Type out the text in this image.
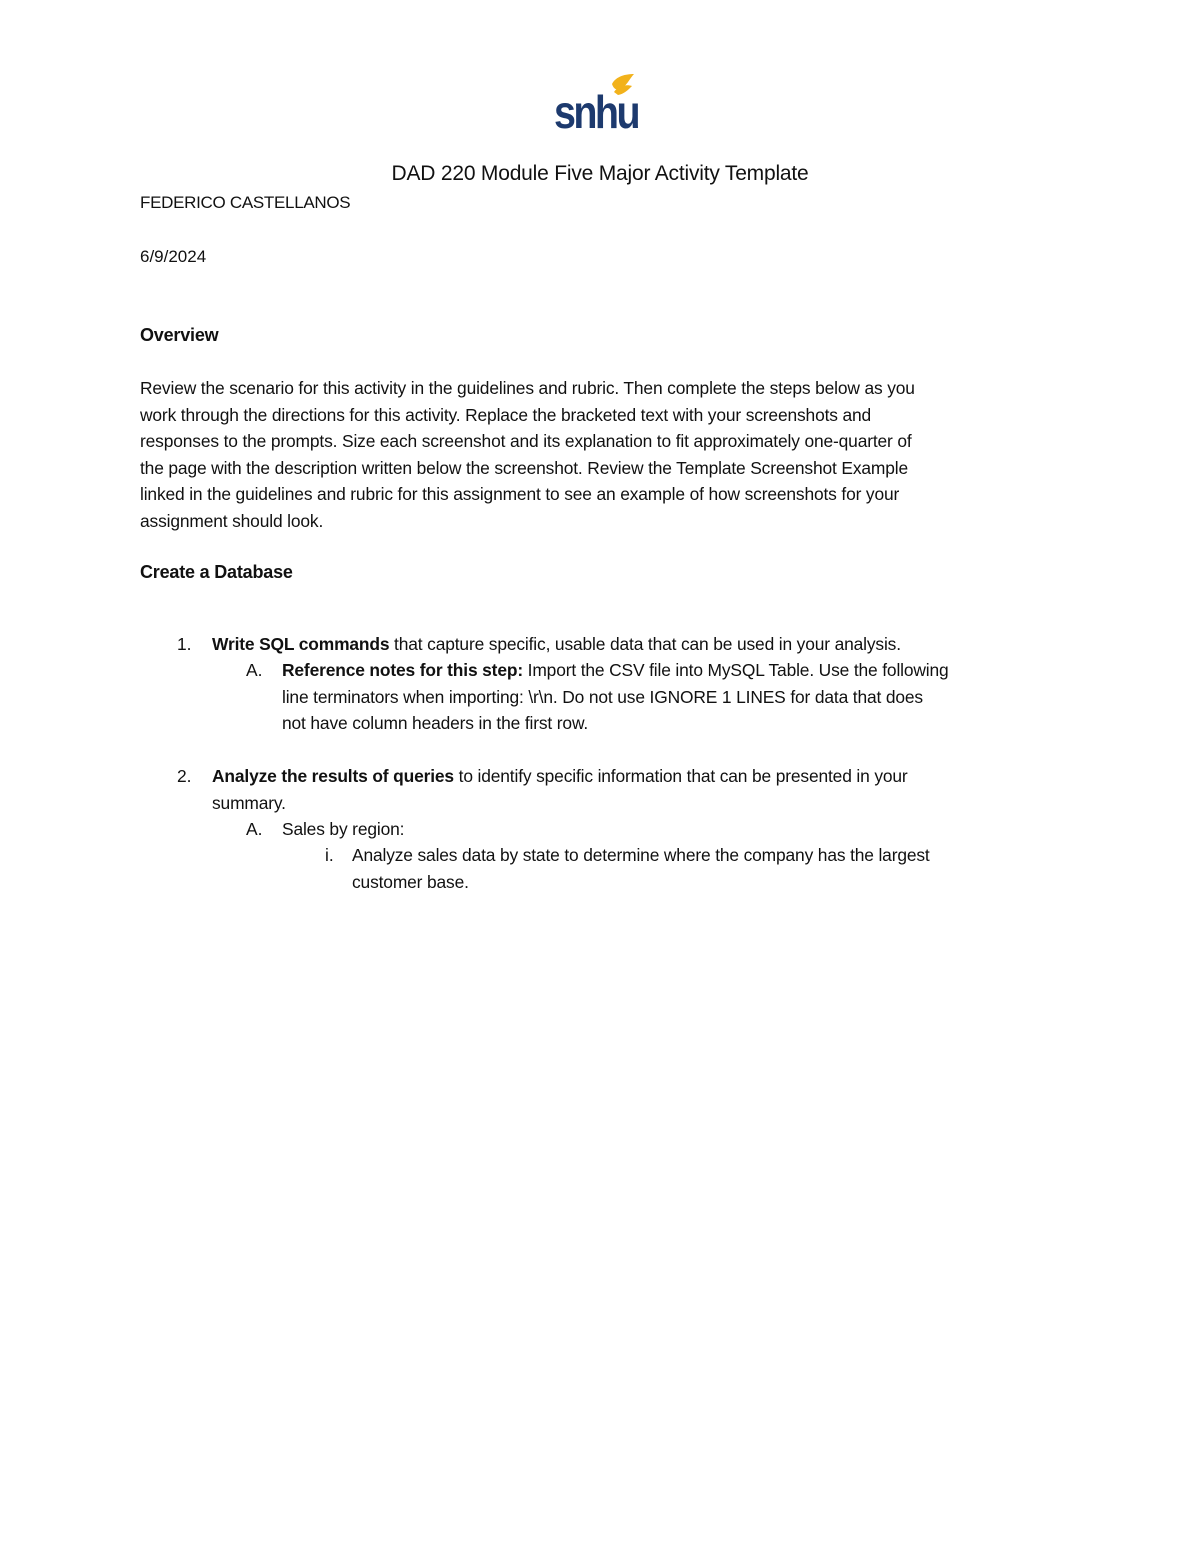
snhu
DAD 220 Module Five Major Activity Template
FEDERICO CASTELLANOS
6/9/2024
Overview

Review the scenario for this activity in the guidelines and rubric. Then complete the steps below as you

work through the directions for this activity. Replace the bracketed text with your screenshots and

responses to the prompts. Size each screenshot and its explanation to fit approximately one-quarter of

the page with the description written below the screenshot. Review the Template Screenshot Example

linked in the guidelines and rubric for this assignment to see an example of how screenshots for your

assignment should look.

Create a Database
1. Write SQL commands that capture specific, usable data that can be used in your analysis.

A. Reference notes for this step: Import the CSV file into MySQL Table. Use the following

line terminators when importing: \r\n. Do not use IGNORE 1 LINES for data that does

not have column headers in the first row.

2. Analyze the results of queries to identify specific information that can be presented in your

summary.

A. Sales by region:

i. Analyze sales data by state to determine where the company has the largest

customer base.
